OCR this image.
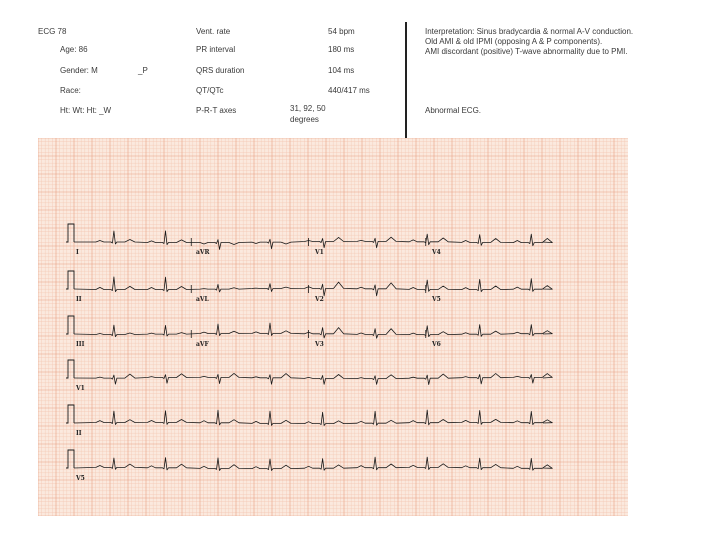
ECG 78
Age: 86
Gender: M	_P
Race:
Ht: Wt: Ht: _W
Vent. rate	54 bpm
PR interval	180 ms
QRS duration	104 ms
QT/QTc	440/417 ms
P-R-T axes	31, 92, 50
degrees
Interpretation: Sinus bradycardia & normal A-V conduction.
Old AMI & old IPMI (opposing A & P components).
AMI discordant (positive) T-wave abnormality due to PMI.
Abnormal ECG.
I	aVR	V1	V4
II	aVL	V2	V5
III	aVF	V3	V6
V1
II
V5
